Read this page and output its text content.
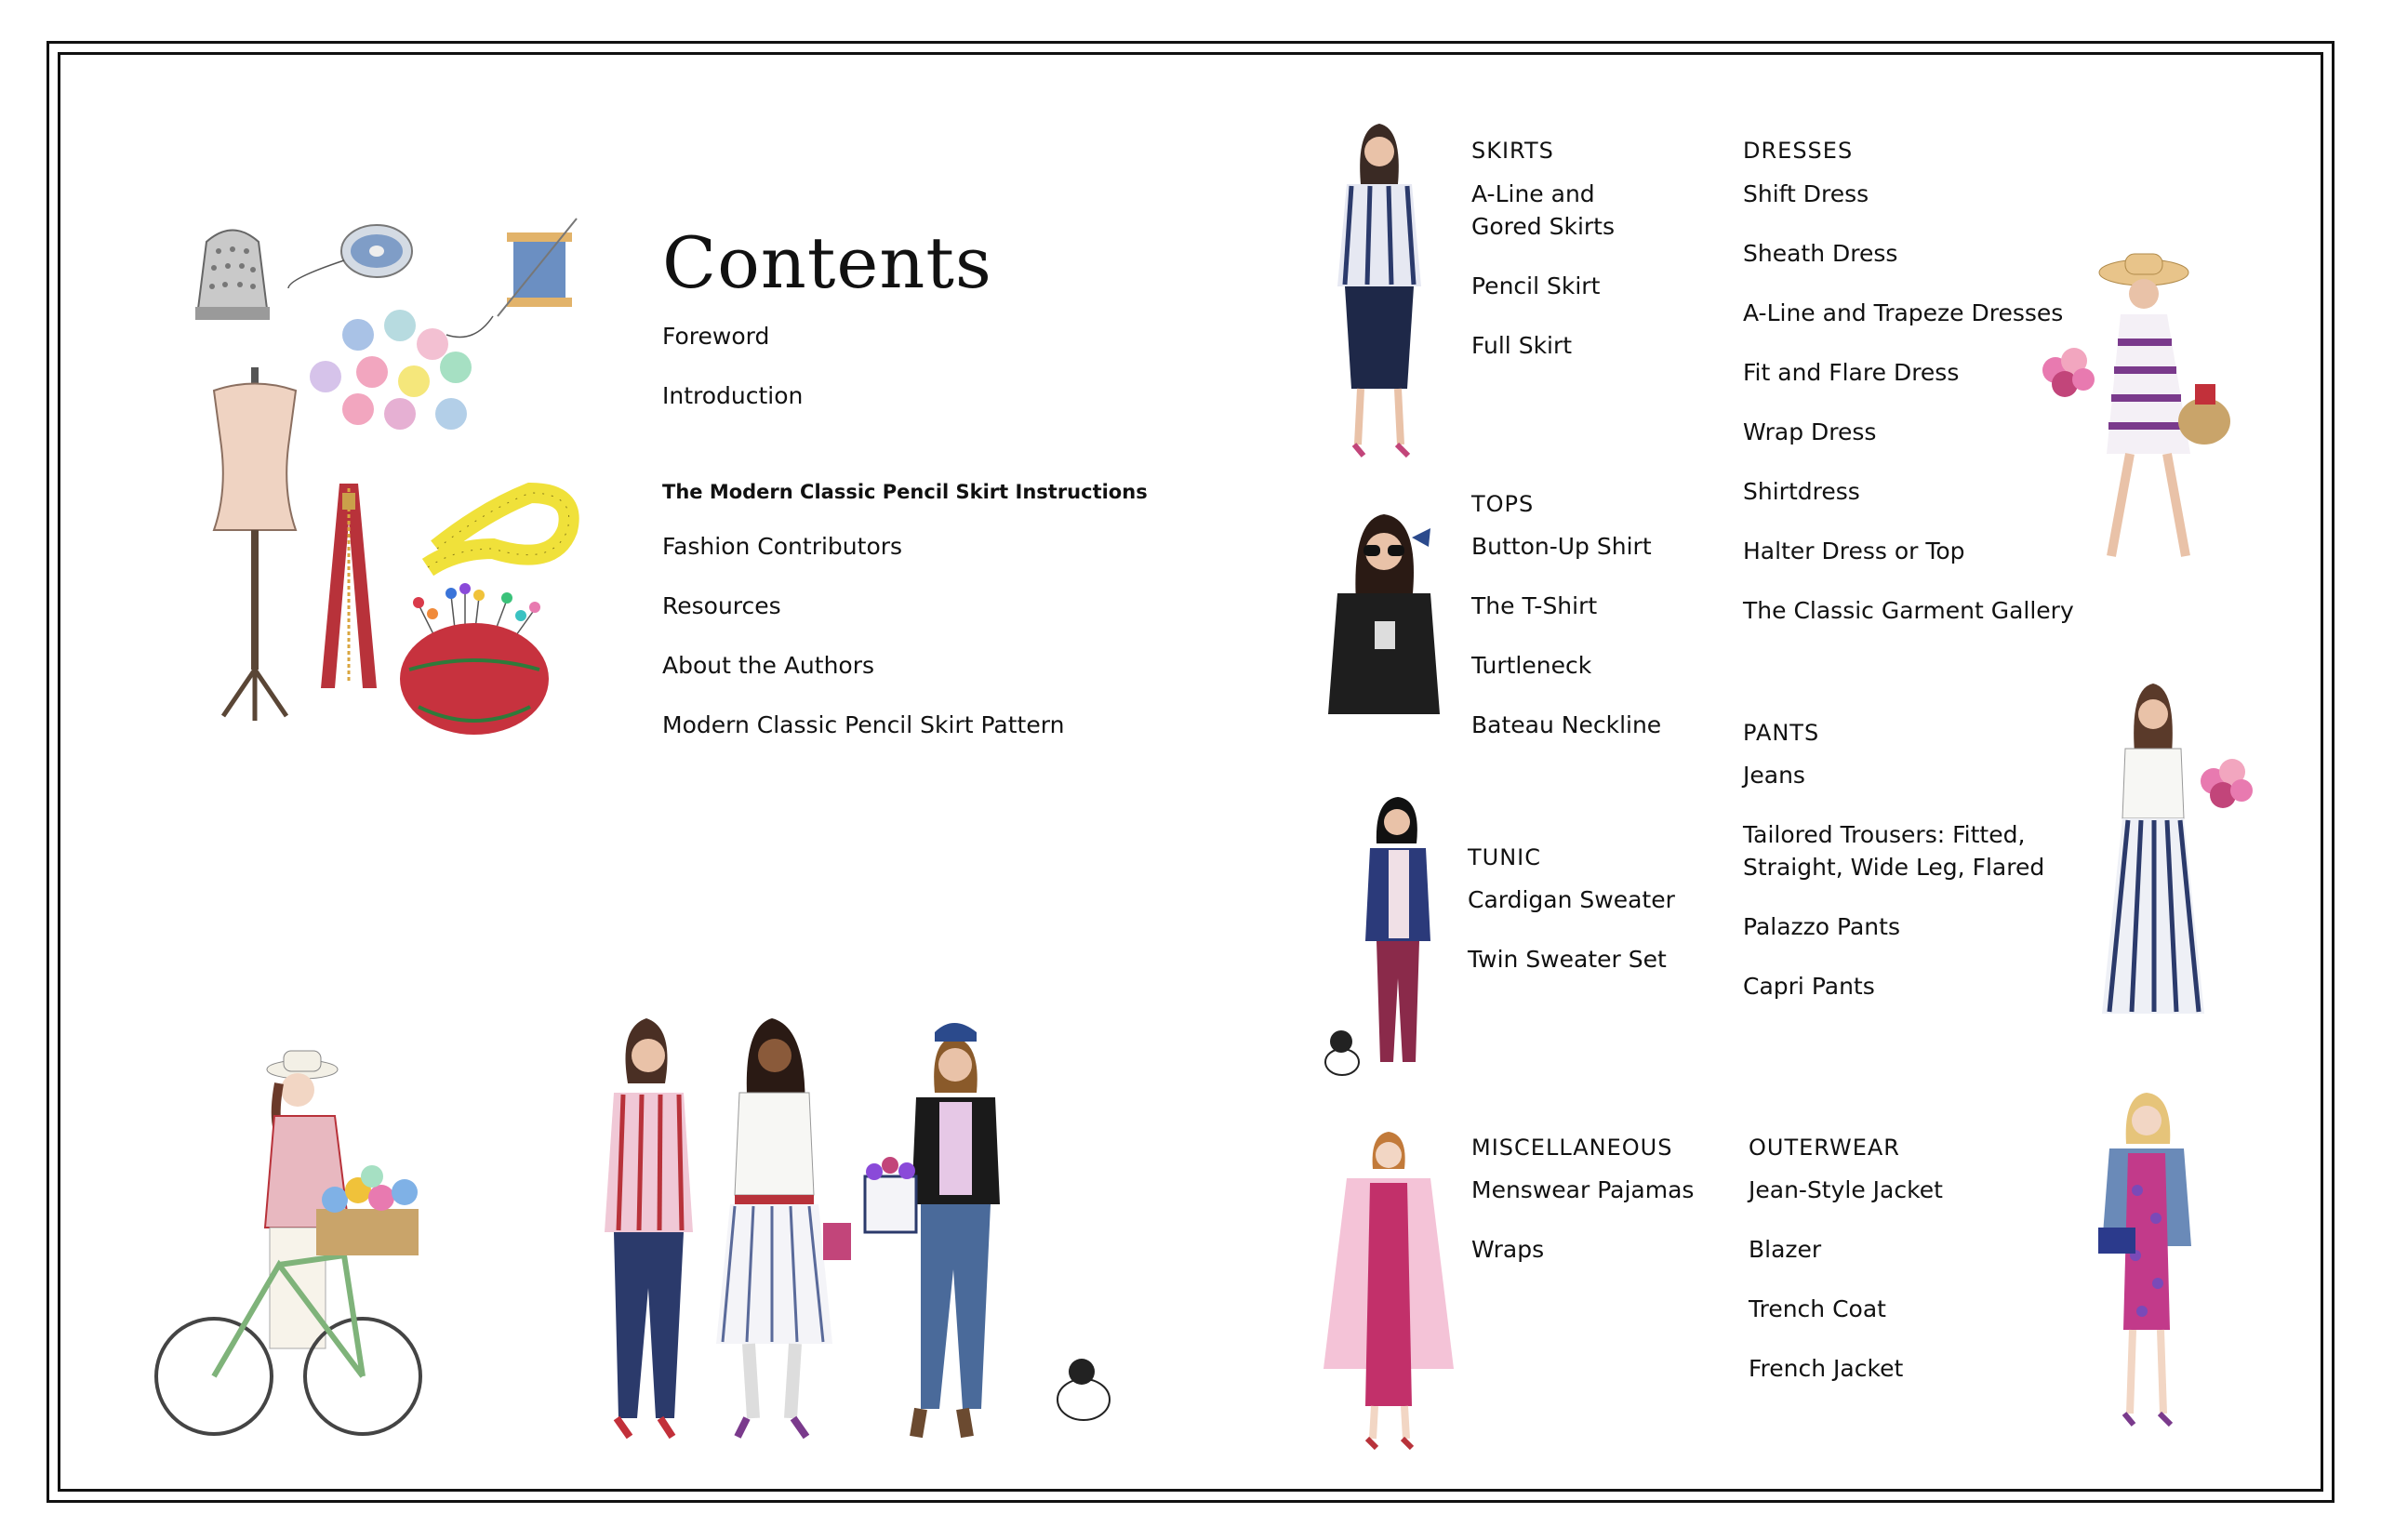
Contents
Foreword
Introduction
The Modern Classic Pencil Skirt Instructions
Fashion Contributors
Resources
About the Authors
Modern Classic Pencil Skirt Pattern
SKIRTS
A-Line and
Gored Skirts
Pencil Skirt
Full Skirt
DRESSES
Shift Dress
Sheath Dress
A-Line and Trapeze Dresses
Fit and Flare Dress
Wrap Dress
Shirtdress
Halter Dress or Top
The Classic Garment Gallery
TOPS
Button-Up Shirt
The T-Shirt
Turtleneck
Bateau Neckline	PANTS
Jeans
Tailored Trousers: Fitted,
Straight, Wide Leg, Flared
Palazzo Pants
Capri Pants
TUNIC
Cardigan Sweater
Twin Sweater Set
MISCELLANEOUS
Menswear Pajamas
Wraps
OUTERWEAR
Jean-Style Jacket
Blazer
Trench Coat
French Jacket
